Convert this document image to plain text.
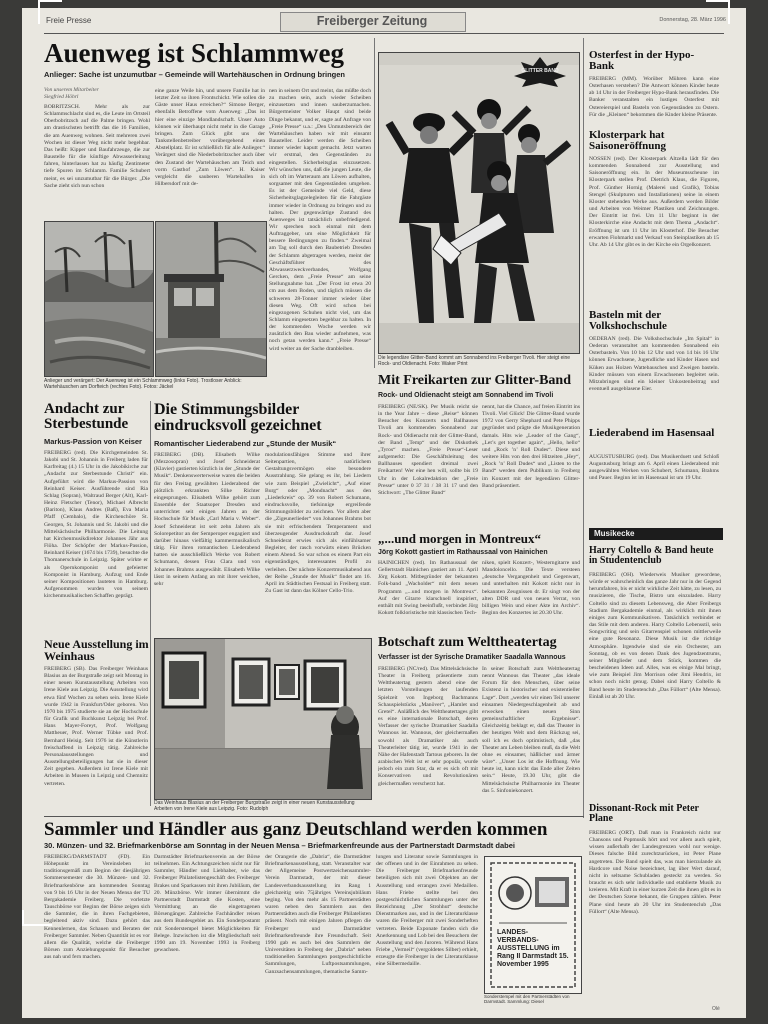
Freie Presse	Freiberger Zeitung	Donnerstag, 28. März 1996
Auenweg ist Schlammweg
Anlieger: Sache ist unzumutbar – Gemeinde will Wartehäuschen in Ordnung bringen
Von unserem Mitarbeiter Siegfried Höhrl
BOBRITZSCH. Mehr als zur Schlammschlacht sind es, die Leute im Ortsteil Oberbobritzsch auf die Palme bringen. Wohl am drastischsten betrifft das die 16 Familien, die am Auenweg wohnen. Seit mehreren zwei Wochen ist dieser Weg nicht mehr begehbar. Das heißt: Kipper und Baufahrzeuge, die zur Baustelle für die künftige Abwasserleitung fahren, hinterlassen hat zu häufig Zentimeter tiefe Spuren im Schlamm. Familie Schubert meint, es sei unzumutbar für die Bürger. „Die Sache zieht sich nun schon
eine ganze Weile hin, und unsere Familie hat in letzter Zeit so ihren Frontschickt. Wie sollen die Gäste unser Haus erreichen?“ Simone Berger, ebenfalls Betroffene vom Auenweg: „Das ist hier eine einzige Mondlandschaft. Unser Auto können wir überhaupt nicht mehr in die Garage bringen. Zum Glück gibt uns der Tankstellenbetreiber vorübergehend einen Abstellplatz. Er ist schließlich für alle Anlieger.“ Verärgert sind die Niederbobritzscher auch über den Zustand der Wartehäuschen am Teich und vorm Gasthof „Zum Löwen“. H. Kaiser vergleicht die sauberen Wartehallen in Hilbersdorf mit de-
nen in seinem Ort und meint, das müßte doch zu machen sein, auch wieder Scheiben einzusetzen und innen sauberzumachen. Bürgermeister Volker Haupt sind beide Dinge bekannt, und er, sagte auf Anfrage von „Freie Presse“ u.a.: „Den Unmutsbereich der Wartehäuschen haben wir mit einsamt Bausteller. Leider werden die Scheiben immer wieder kaputt gemacht. Jetzt warten wir erstmal, den Gegenständen zu eingestellen. Sicherheitsglas einzusetzen. Wir wünschen uns, daß die jungen Leute, die sich oft im Warteraum am Löwen aufhalten, sorgsamer mit den Gegenständen umgehen. Es ist der Gemeinde viel Geld, diese Sicherheitsglagzelegleiten für die Fahrgäste immer wieder in Ordnung zu bringen und zu halten. Der gegenwärtige Zustand des Auenweges ist tatsächlich unbefriedigend. Wir sprechen noch einmal mit dem Auftraggeber, um eine Möglichkeit für bessere Bedingungen zu finden.“ Zweimal am Tag soll durch den Baubetrieb Dresden der Schlamm abgetragen werden, meint der Geschäftsführer des Abwasserzweckverbandes, Wolfgang Gercken, dem „Freie Presse“ am seine Stellungnahme bat. „Der Frost ist etwa 20 cm aus dem Boden, und täglich müssen die schweren 28-Tonner immer wieder über diesen Weg. Oft wird schon bei eingezogenen Schuhen nicht viel, um das Schlamm eingesetzen begehbar zu halten. In der kommenden Woche werden wir zusätzlich den Bau wieder aufnehmen, was noch getan werden kann.“ „Freie Presse“ wird weiter an der Sache dranbleiben.
Anlieger und verärgert: Der Auenweg ist ein Schlammweg (links Foto). Trostloser Anblick: Wartehäuschen am Dorfteich (rechtes Foto). Fotos: Jäckel
GLITTER BAND
Die legendäre Glitter-Band kommt am Sonnabend ins Freiberger Tivoli. Hier steigt eine Rock- und Oldienacht. Foto: Waker Print
Mit Freikarten zur Glitter-Band
Rock- und Oldienacht steigt am Sonnabend im Tivoli
FREIBERG (NE/SK). Per Musik reicht sie in the Year Jahre – diese „Reise“ können Besucher des Konzerts und Ballhauses Tivoli am kommenden Sonnabend zur Rock- und Oldienacht mit der Glitter-Band, der Band „Temp“ und der Diskothek „Tyros“ machen. „Freie Presse“-Leser aufgemerkt: Die Geschäftsleitung des Ballhauses spendiert dreimal zwei Freikarten! Wer eine hen will, sollte bis 19 Uhr in der Lokalredaktion der „Freie Presse“ unter 0 37 31 / 38 31 17 und den Stichwort: „The Glitter Band“
nennt, hat die Chance, auf freien Eintritt ins Tivoli. Viel Glück! Die Glitter-Band wurde 1972 von Gerry Shephard und Pete Phipps gegründet und prägte die Musikgeneration damals. Hits wie „Leader of the Gang“, „Let’s get together again“, „Hello, hello“ und „Rock ’n’ Roll Dudes“. Diese und weitere Hits von den drei Hitzeiten „Hey“, „Rock ’n’ Roll Dudes“ und „Listen to the Band“ werden dem Publikum in Freiberg im Konzert mit der legendären Glitter-Band präsentiert.
Andacht zur Sterbestunde
Markus-Passion von Keiser
FREIBERG (red). Die Kirchgemeinden St. Jakobi und St. Johannis in Freiberg laden für Karfreitag (4.) 15 Uhr in die Jakobikirche zur „Andacht zur Sterbestunde Christi“ ein. Aufgeführt wird die Markus-Passion von Reinhard Keiser. Ausführende sind Ria Schlag (Sopran), Waltraud Berger (Alt), Karl-Heinz Fletscher (Tenor), Michael Albrecht (Bariton), Klaus Andres (Baß), Eva Maria Pfaff (Cembalo), die Kirchenchöre St. Georgen, St. Johannis und St. Jakobi und die Mittelsächsische Philharmonie. Die Leitung hat Kirchenmusikdirektor Johannes Jähr aus Flöha. Der Schöpfer der Markus-Passion, Reinhard Keiser (1674 bis 1739), besuchte die Thomanerschule in Leipzig. Später wirkte er als Opernkomponist und gefeierter Komponist in Hamburg. Aufzug und Ende seiner Kompositionen lauteten in Hamburg. Aufgenommen wurden von seinem kirchenmusikalischen Schaffen geprägt.
Die Stimmungsbilder eindrucksvoll gezeichnet
Romantischer Liederabend zur „Stunde der Musik“
FREIBERG (DB). Elisabeth Wilke (Mezzosopran) und Josef Schneiderat (Klavier) gastierten kürzlich in der „Stunde der Musik“. Denkenswerterweise waren die beiden für den Freitag gewählten Liederabend der plötzlich erkrankten Silke Richter eingesprungen. Elisabeth Wilke gehört zum Ensemble der Staatsoper Dresden und unterrichtet seit einigen Jahren an der Hochschule für Musik „Carl Maria v. Weber“. Josef Schneiderat ist seit zehn Jahren als Solorepetitor an der Semperoper engagiert und darüber hinaus vielfältig kammermusikalisch tätig. Für ihren romantischen Liederabend hatten sie ausschließlich Werke von Robert Schumann, dessen Frau Clara und von Johannes Brahms ausgewählt. Elisabeth Wilke lässt in seinem Anfang an mit ihrer weichen, sehr
modulationsfähigen Stimme und ihrer Seitenpartien, natürlichem Gestaltungsvermögen eine besondere Ausstrahlung. Sie gelang es ihr, bei Liedern wie zum Beispiel „Zwielicht“, „Auf einer Burg“ oder „Mondnacht“ aus den „Liederkreis“ op. 39 von Robert Schumann, eindrucksvolle, tiefsinnige ergreifende Stimmungsbilder zu zeichnen. Vor allem aber die „Zigeunerlieder“ von Johannes Brahms bot sie mit erfrischendem Temperament und überzeugender Ausdruckskraft dar. Josef Schneiderat erwies sich als einfühlsamer Begleiter, der rasch vorwärts einen Brücken einem Abend. So war schon es einem Part ein eigenständiges, interessantes Profil zu verleihen. Der nächste Konzertmusikabend aus der Reihe „Stunde der Musik“ findet am 16. April im Städtischen Festsaal in Freiberg statt. Zu Gast ist dann das Kölner Cello-Trio.
„...und morgen in Montreux“
Jörg Kokott gastiert im Rathaussaal von Hainichen
HAINICHEN (red). Im Rathaussaal der Gellertstadt Hainichen gastiert am 11. April Jörg Kokott. Mitbegründer der bekannten Folk-band „Wacholder“ mit dem neuen Programm „...und morgen in Montreux“. Auf der Gitarre klarschnell inspiriert, enthält mit Swing beeinflußt, verbindet Jörg Kokott folkloristische mit klassischen Tech-
niken, spielt Konzert-, Westerngitarre und Mandoloncello. Die Texte versteen „deutsche Vergangenheit und Gegenwart, und unterhalten mit Kokott nicht nur in bekannten Zeugnissen dr. Er singt von der alten DDR und von neuen Verrat, von billigen Wein und einer Akte im Archiv“. Beginn des Konzertes ist 20.30 Uhr.
Neue Ausstellung im Weinhaus
FREIBERG (SB). Das Freiberger Weinhaus Blasius an der Burgstraße zeigt seit Montag in einer neuen Kunstausstellung Arbeiten von Irene Kiele aus Leipzig. Die Ausstellung wird etwa fünf Wochen zu sehen sein. Irene Kiele wurde 1942 in Frankfurt/Oder geboren. Von 1970 bis 1975 studierte sie an der Hochschule für Grafik und Buchkunst Leipzig bei Prof. Hans Mayer-Foreyt, Prof. Wolfgang Mattheuer, Prof. Werner Tübke und Prof. Bernhard Heisig. Seit 1976 ist die Künstlerin freischaffend in Leipzig tätig. Zahlreiche Personalausstellungen und Ausstellungsbeteiligungen hat sie in dieser Zeit gegeben. Außerdem ist Irene Kiele mit Arbeiten in Museen in Leipzig und Chemnitz vertreten.
Das Weinhaus Blasius an der Freiberger Burgstraße zeigt in einer neuen Kunstausstellung Arbeiten von Irene Kiele aus Leipzig. Foto: Rudolph
Botschaft zum Welttheatertag
Verfasser ist der Syrische Dramatiker Saadalla Wannous
FREIBERG (NC/red). Das Mittelsächsische Theater in Freiberg präsentierte zum Welttheatertag gestern abend eine der letzten Vorstellungen der laufenden Spielzeit von Ingeborg Bachmanns Schauspielstücks „Manöver“, „Hamlet und Gretel“. Anläßlich des Welttheatertages gibt es eine internationale Botschaft, deren Verfasser der syrische Dramatiker Saadalla Wannous ist. Wannous, der gleichermaßen sowohl als Dramatiker als auch Theaterleiter tätig ist, wurde 1941 in der Nähe der Hafenstadt Tartous geboren. In der arabischen Welt ist er sehr populär, wurde jedoch ein zum Star, da er es sich oft mit Konservativen und Revolutionären gleichermaßen verscherzt hat.
In seiner Botschaft zum Welttheatertag nennt Wannous das Theater „das ideale Forum für den Menschen, über seine Existenz in historischer und existentieller Lage“. Dort „werden wir einen Teil unserer einsamen Niedergeschlagenheit ab und erwecken einen neuen Sinn gemeinschaftlicher Ergebnisse“. Gleichzeitig beklagt er, daß das Theater in der heutigen Welt und dem Rückzug sei, soll ich es doch optimistisch, daß „das Theater am Leben bleiben muß, da die Welt ohne es einsamer, häßlicher und ärmer wäre“. „Unser Los ist die Hoffnung. Wie heute ist, kann nicht das Ende aller Zeiten sein.“ Heute, 19.30 Uhr, gibt die Mittelsächsische Philharmonie im Theater das 5. Sinfoniekonzert.
Sammler und Händler aus ganz Deutschland werden kommen
30. Münzen- und 32. Briefmarkenbörse am Sonntag in der Neuen Mensa – Briefmarkenfreunde aus der Partnerstadt Darmstadt dabei
FREIBERG/DARMSTADT (FD). Ein Höhepunkt im Vereinsleben ist traditionsgemäß zum Beginn der diesjährigen Sommersemester die 30. Münzen- und 32. Briefmarkenbörse am kommenden Sonntag von 9 bis 16 Uhr in der Neuen Mensa der TU Bergakademie Freiberg. Die vorletzte Tauschbörse vor Beginn der Börse zeigen sich die Sammler, die in ihren Fachgebieten, begleitend aktiv sind. Dazu gehört das Kennenlernen, das Schauen und Beraten der Freiberger Sammler. Neben Quantität ist es vor allem die Qualität, welche die Freiberger Börsen zum Anziehungspunkt für Besucher aus nah und fern machen.
Darmstädter Briefmarkenverein an der Börse teilnehmen. Ein Achtungszeichen nicht nur für Sammler, Händler und Liebhaber, wie das Freiberger Philatelistengeschäft des Freiberger Brakes und Sparkassen mit ihren Jubiläum, der 20. Münzbörse. Wir immer übernimmt die Partnerstadt Darmstadt die Kosten, eine Vermittlung an die eingetragenen Börsengänger. Zahlreiche Fachhändler reisen aus dem Bundesgebiet an. Ein Sonderpostamt mit Sonderstempel bietet Möglichkeiten für Belege. Inzwischen ist die Mitgliedschaft seit 1990 am 19. November 1993 in Freiberg gewachsen.
der Orangerie die „Dabria“, die Darmstädter Briefmarkenausstellung, statt. Veranstalter war der Allgemeine Postwertzeichensammler-Verein Darmstadt, der mit dieser Landesverbandsausstellung im Rang 1 gleichzeitig sein 75jähriges Vereinsjubiläum beging. Von den mehr als 15 Partnerstädten waren neben den Sammlern aus den Partnerstädten auch die Freiberger Philatelisten präsent. Noch mit einigen Jahren pflegen die Freiberger und Darmstädter Briefmarkenfreunde ihre Freundschaft. Seit 1990 gab es auch bei den Sammlern der Universitäten in Freiberg der „Dabria“ neben traditionellen Sammlungen postgeschichtliche Sammlungen, Luftpostsammlungen, Ganzsachensammlungen, thematische Samm-
lungen und Literatur sowie Sammlungen in der offenen und in der Einrahmen zu sehen. Die Freiberger Briefmarkenfreunde beteiligten sich mit zwei Objekten an der Ausstellung und errangen zwei Medaillen. Hans Friebe stellte bei den postgeschichtlichen Sammlungen unter der Bezeichnung „Der Strohhut“ deutsche Dienstmarken aus, und in der Literaturklasse waren die Freiberger mit zwei Sonderheften vertreten. Beide Exponate fanden sich die Anerkennung und Lob bei den Besuchern der Ausstellung und den Juroren. Während Hans Friebe „Vermeil“ (vergoldetes Silber) erhielt, erzeugte die Freiberger in der Literaturklasse eine Silbermedaille.
LANDES-VERBANDS-AUSSTELLUNG im Rang II Darmstadt 15. November 1995
Sonderstempel mit den Partnerstädten von Darmstadt. Sammlung: Diesel
Osterfest in der Hypo-Bank
FREIBERG (MM). Worüber Mühren kann eine Osterhasen verstehen? Die Antwort können Kinder heute ab 14 Uhr in der Freiberger Hypo-Bank herausfinden. Die Banker veranstalten ein lustiges Osterfest mit Ostereierspiel und Basteln von Gegenständen zu Ostern. Für die „Kleinen“ bekommen die Kinder kleine Präsente.
Klosterpark hat Saisoneröffnung
NOSSEN (red). Der Klosterpark Altzella lädt für den kommenden Sonnabend zur Ausstellung und Saisoneröffnung ein. In der Museumsscheune im Klosterpark stellen Prof. Dietrich Klaus, die Figuren, Prof. Günther Hornig (Malerei und Grafik), Tobias Stengel (Skulpturen und Installationen) seine in einem Kloster stehenden Werke aus. Außerdem werden Bilder und Arbeiten von Weimer Plastiken und Zeichnungen. Der Eintritt ist frei. Um 11 Uhr beginnt in der Klosterkirche eine Andacht mit dem Thema „Andacht“. Eröffnung ist um 11 Uhr im Klosterhof. Die Besucher erwarten Flohmarkt und Verkauf von Steinplastiken ab 15 Uhr. Ab 14 Uhr gibt es in der Kirche ein Orgelkonzert.
Basteln mit der Volkshochschule
OEDERAN (red). Die Volkshochschule „Im Spital“ in Oederan veranstaltet am kommenden Sonnabend ein Osterbasteln. Von 10 bis 12 Uhr und von 14 bis 16 Uhr können Erwachsene, Jugendliche und Kinder Hasen und Küken aus Holzen Wattebauschen und Zweigen basteln. Kinder müssen von einem Erwachsenen begleitet sein. Mitzubringen sind ein kleiner Unkostenbeitrag und eventuell ausgeblasene Eier.
Liederabend im Hasensaal
AUGUSTUSBURG (red). Das Musikerduett und Schloß Augustusburg bringt am 6. April einen Liederabend mit ausgewählten Werken von Schubert, Schumann, Brahms und Pauer. Beginn ist im Hasensaal ist um 19 Uhr.
Musikecke
Harry Coltello & Band heute in Studentenclub
FREIBERG (OH). Wiederweis Musiker gewordene, würde er wahrscheinlich das ganze Jahr nur in der Gegend herumfahren, bis er nicht wirkliche Zeit hätte, zu lesen, zu musizieren, die Tische, Bistro um einzuladen. Harry Coltello sind zu diesem Lebensweg, die Aber Freibergs Stadium Bergakademie einmal, als wirklich mit ihnen einiges zum Kommunikativen. Tatsächlich verbindet er das Stile mit dem anderen. Harry Coltello Lebensstil, sein Songwriting und sein Gitarrenspiel schonen mittlerweile eine gute Resonanz. Diese Musik ist die richtige Atmosphäre. Irgendwie sind sie ein Orchester, am Sonntag, ob es von denen Dank des Jugendzentrums, seiner Mitglieder und dem Stück, kommen die bescheidenen Ideen auf. Alles, was es einige Mal bringt, wie zum Beispiel Jim Morrison oder Jimi Hendrix, ist schon noch nicht genug. Dabei sind Harry Coltello & Band heute im Studentenclub „Das Füllort“ (Alte Mensa). Einlaß ist ab 20 Uhr.
Dissonant-Rock mit Peter Plane
FREIBERG (ORT). Daß man in Frankreich nicht nur Chansons und Popmusik hört und vor allem auch spielt, wissen außerhalb der Landesgrenzen wohl nur wenige. Dieses falsche Bild zurechtzurücken, ist Peter Plane angetreten. Die Band spielt das, was man hierzulande als Hardcore und Noise bezeichnet, lag über Wert darauf, nicht in seltsame Schubladen gesteckt zu werden. So braucht es sich sehr individuelle und etablierte Musik zu kreieren. Mit Kraft in einer kurzen Zeit die ihnen gibt es in der Deutschen Szene bekannt, die Gruppen zählen. Peter Plane sind heute ab 20 Uhr im Studentenclub „Das Füllort“ (Alte Mensa).
Olé
